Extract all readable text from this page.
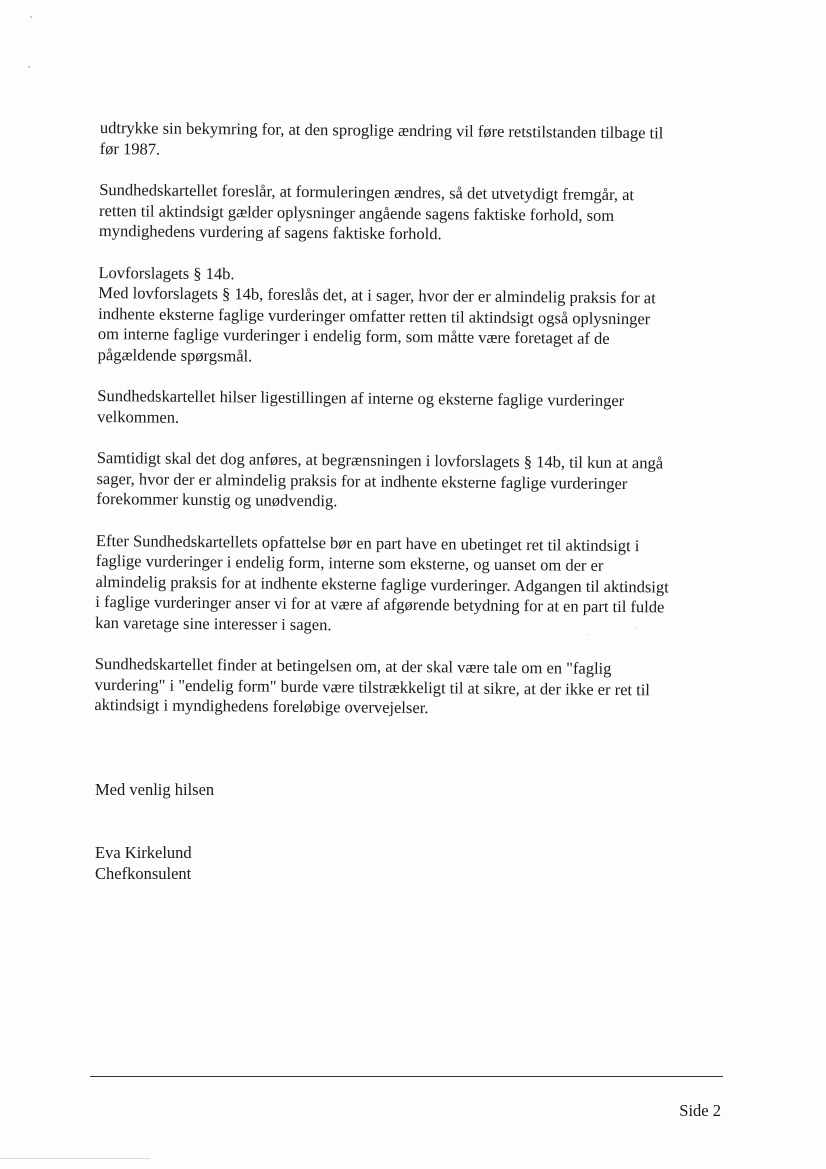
udtrykke sin bekymring for, at den sproglige ændring vil føre retstilstanden tilbage til
før 1987.

Sundhedskartellet foreslår, at formuleringen ændres, så det utvetydigt fremgår, at
retten til aktindsigt gælder oplysninger angående sagens faktiske forhold, som
myndighedens vurdering af sagens faktiske forhold.

Lovforslagets § 14b.
Med lovforslagets § 14b, foreslås det, at i sager, hvor der er almindelig praksis for at
indhente eksterne faglige vurderinger omfatter retten til aktindsigt også oplysninger
om interne faglige vurderinger i endelig form, som måtte være foretaget af de
pågældende spørgsmål.

Sundhedskartellet hilser ligestillingen af interne og eksterne faglige vurderinger
velkommen.

Samtidigt skal det dog anføres, at begrænsningen i lovforslagets § 14b, til kun at angå
sager, hvor der er almindelig praksis for at indhente eksterne faglige vurderinger
forekommer kunstig og unødvendig.

Efter Sundhedskartellets opfattelse bør en part have en ubetinget ret til aktindsigt i
faglige vurderinger i endelig form, interne som eksterne, og uanset om der er
almindelig praksis for at indhente eksterne faglige vurderinger. Adgangen til aktindsigt
i faglige vurderinger anser vi for at være af afgørende betydning for at en part til fulde
kan varetage sine interesser i sagen.

Sundhedskartellet finder at betingelsen om, at der skal være tale om en "faglig
vurdering" i "endelig form" burde være tilstrækkeligt til at sikre, at der ikke er ret til
aktindsigt i myndighedens foreløbige overvejelser.

Med venlig hilsen
Eva Kirkelund
Chefkonsulent
Side 2
